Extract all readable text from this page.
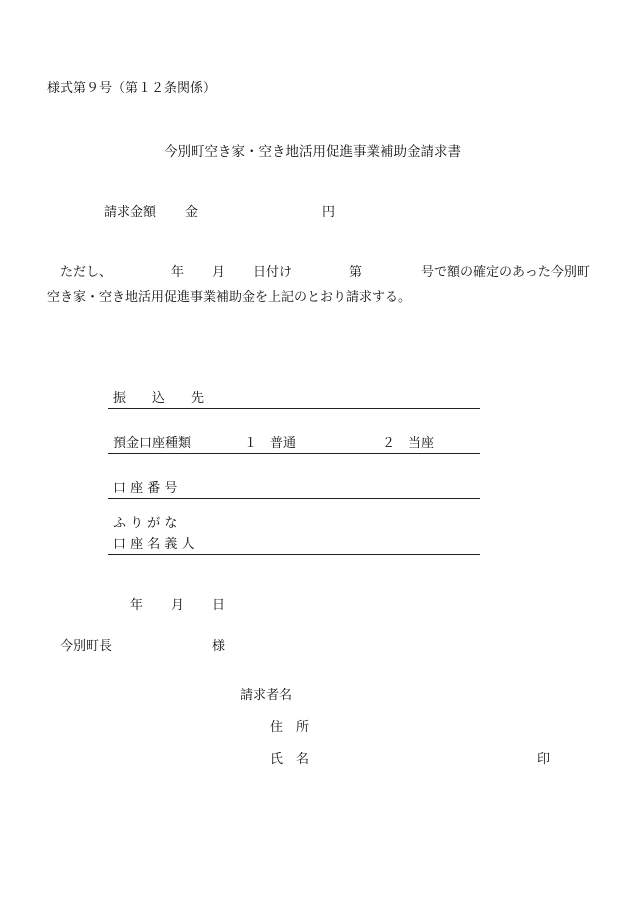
様式第９号（第１２条関係）
今別町空き家・空き地活用促進事業補助金請求書
請求金額 金	円
ただし、	年 月 日付け	第	号で額の確定のあった今別町
空き家・空き地活用促進事業補助金を上記のとおり請求する。
振　　込　　先
預金口座種類	１　普通	２　当座
口 座 番 号
ふ り が な
口 座 名 義 人
年 月 日
今別町長	様
請求者名
住　所
氏　名	印
